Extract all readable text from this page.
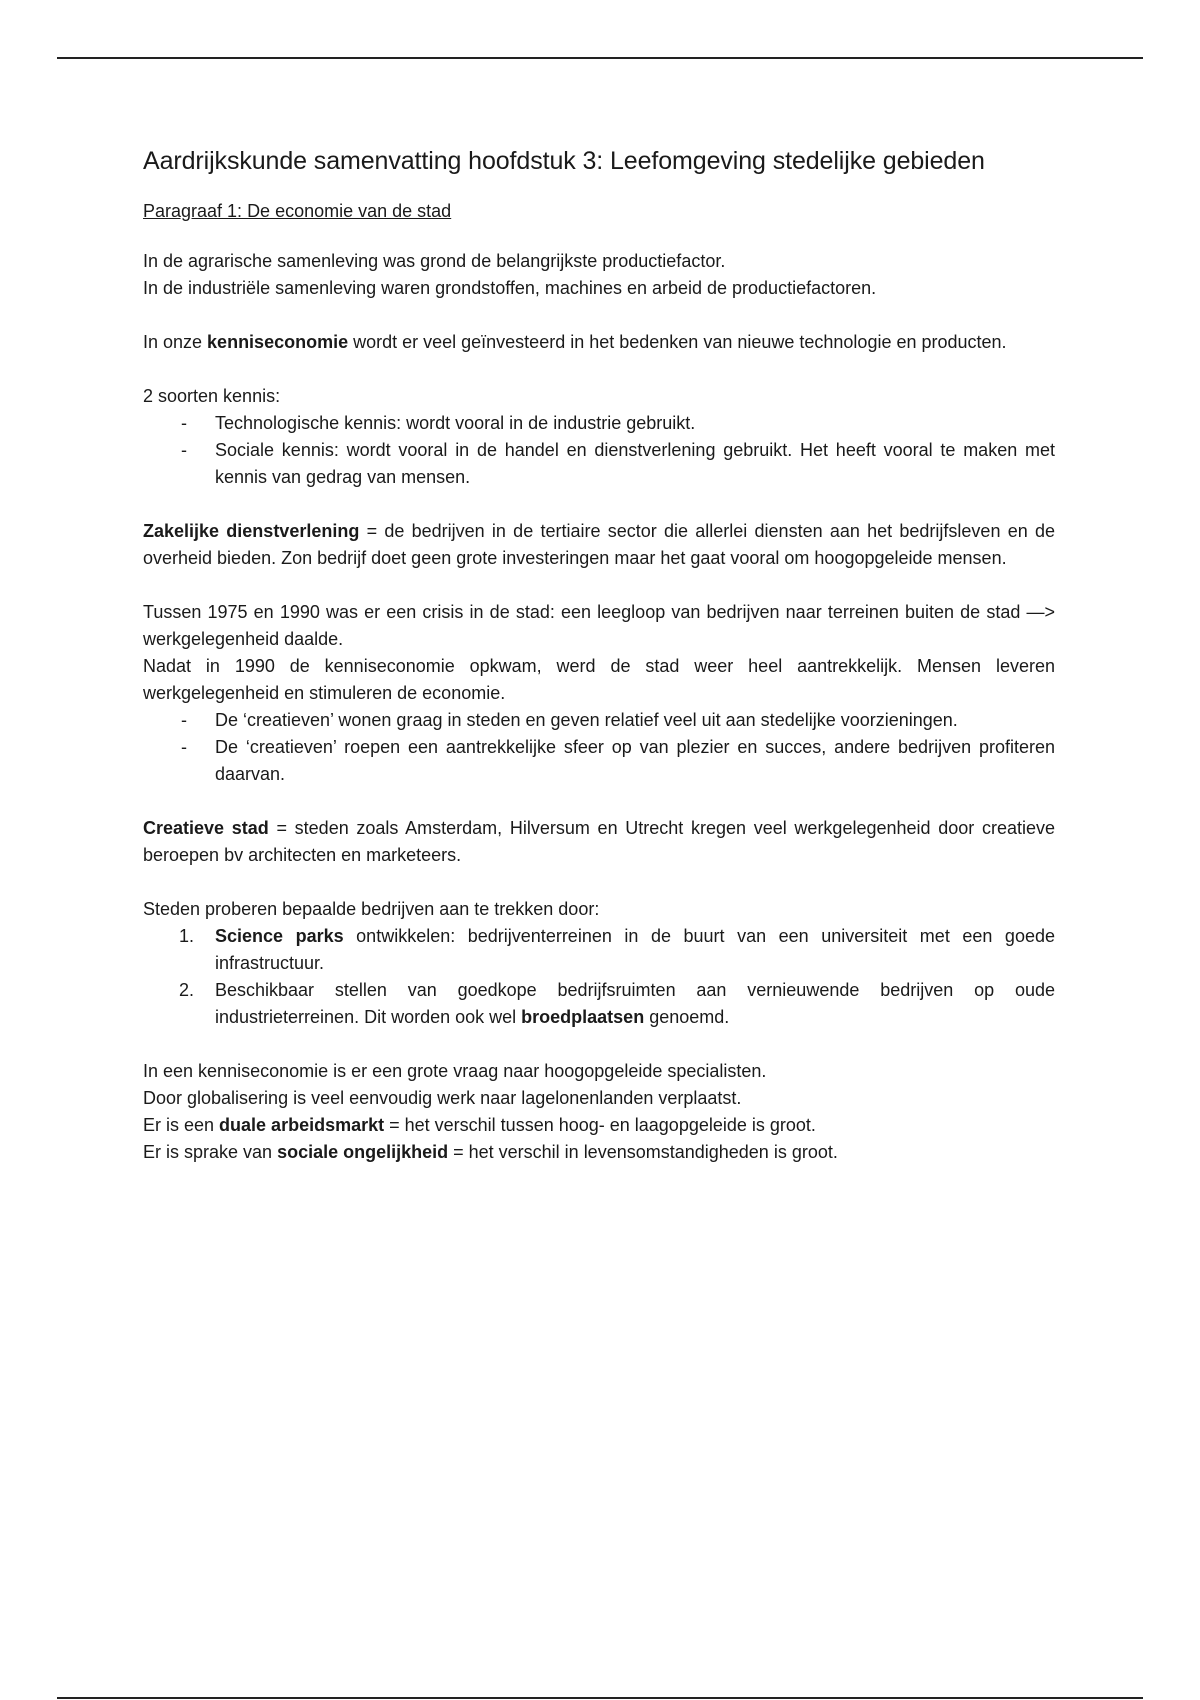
Aardrijkskunde samenvatting hoofdstuk 3: Leefomgeving stedelijke gebieden
Paragraaf 1: De economie van de stad

In de agrarische samenleving was grond de belangrijkste productiefactor.
In de industriële samenleving waren grondstoffen, machines en arbeid de productiefactoren.

In onze kenniseconomie wordt er veel geïnvesteerd in het bedenken van nieuwe technologie en producten.

2 soorten kennis:
- Technologische kennis: wordt vooral in de industrie gebruikt.
- Sociale kennis: wordt vooral in de handel en dienstverlening gebruikt. Het heeft vooral te maken met kennis van gedrag van mensen.

Zakelijke dienstverlening = de bedrijven in de tertiaire sector die allerlei diensten aan het bedrijfsleven en de overheid bieden. Zon bedrijf doet geen grote investeringen maar het gaat vooral om hoogopgeleide mensen.

Tussen 1975 en 1990 was er een crisis in de stad: een leegloop van bedrijven naar terreinen buiten de stad —> werkgelegenheid daalde.
Nadat in 1990 de kenniseconomie opkwam, werd de stad weer heel aantrekkelijk. Mensen leveren werkgelegenheid en stimuleren de economie.
- De ‘creatieven’ wonen graag in steden en geven relatief veel uit aan stedelijke voorzieningen.
- De ‘creatieven’ roepen een aantrekkelijke sfeer op van plezier en succes, andere bedrijven profiteren daarvan.

Creatieve stad = steden zoals Amsterdam, Hilversum en Utrecht kregen veel werkgelegenheid door creatieve beroepen bv architecten en marketeers.

Steden proberen bepaalde bedrijven aan te trekken door:
1. Science parks ontwikkelen: bedrijventerreinen in de buurt van een universiteit met een goede infrastructuur.
2. Beschikbaar stellen van goedkope bedrijfsruimten aan vernieuwende bedrijven op oude industrieterreinen. Dit worden ook wel broedplaatsen genoemd.

In een kenniseconomie is er een grote vraag naar hoogopgeleide specialisten.
Door globalisering is veel eenvoudig werk naar lagelonenlanden verplaatst.
Er is een duale arbeidsmarkt = het verschil tussen hoog- en laagopgeleide is groot.
Er is sprake van sociale ongelijkheid = het verschil in levensomstandigheden is groot.
